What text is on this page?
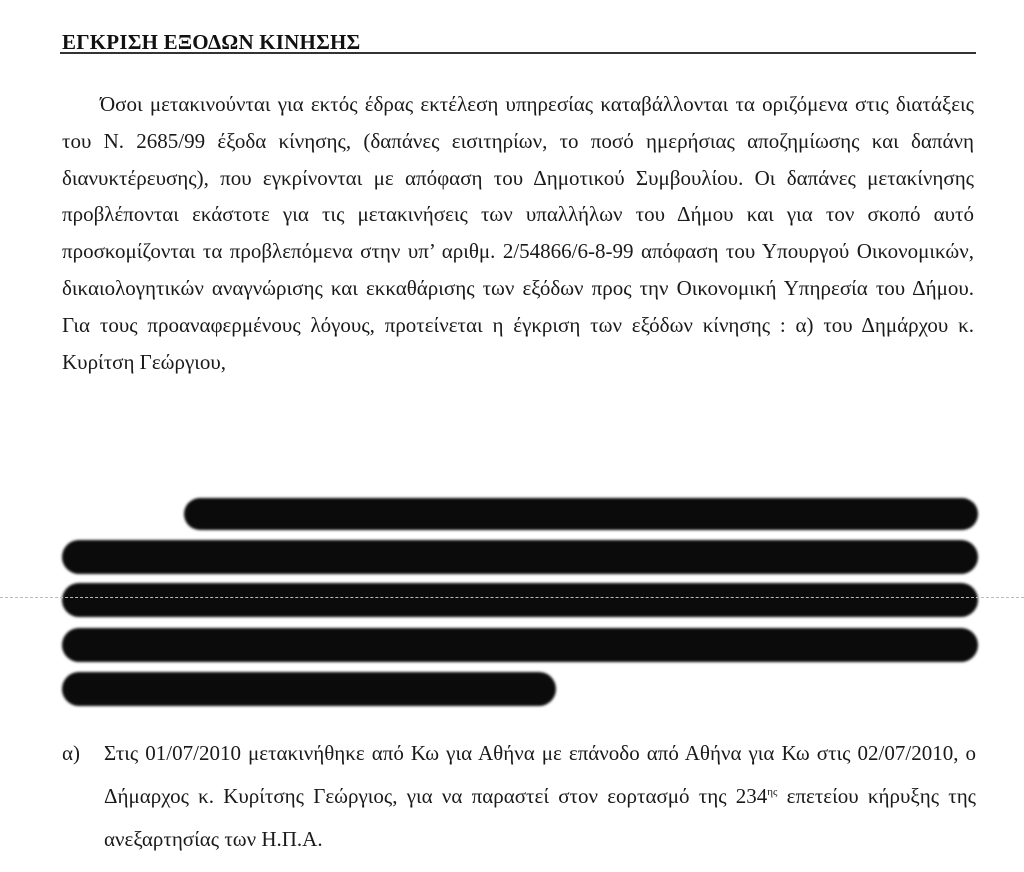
ΕΓΚΡΙΣΗ ΕΞΟΔΩΝ ΚΙΝΗΣΗΣ

Όσοι μετακινούνται για εκτός έδρας εκτέλεση υπηρεσίας καταβάλλονται τα οριζόμενα στις διατάξεις του Ν. 2685/99 έξοδα κίνησης, (δαπάνες εισιτηρίων, το ποσό ημερήσιας αποζημίωσης και δαπάνη διανυκτέρευσης), που εγκρίνονται με απόφαση του Δημοτικού Συμβουλίου. Οι δαπάνες μετακίνησης προβλέπονται εκάστοτε για τις μετακινήσεις των υπαλλήλων του Δήμου και για τον σκοπό αυτό προσκομίζονται τα προβλεπόμενα στην υπ’ αριθμ. 2/54866/6-8-99 απόφαση του Υπουργού Οικονομικών, δικαιολογητικών αναγνώρισης και εκκαθάρισης των εξόδων προς την Οικονομική Υπηρεσία του Δήμου. Για τους προαναφερμένους λόγους, προτείνεται η έγκριση των εξόδων κίνησης : α) του Δημάρχου κ. Κυρίτση Γεώργιου,

α) Στις 01/07/2010 μετακινήθηκε από Κω για Αθήνα με επάνοδο από Αθήνα για Κω στις 02/07/2010, ο Δήμαρχος κ. Κυρίτσης Γεώργιος, για να παραστεί στον εορτασμό της $234^{\eta\varsigma}$ επετείου κήρυξης της ανεξαρτησίας των Η.Π.Α.
